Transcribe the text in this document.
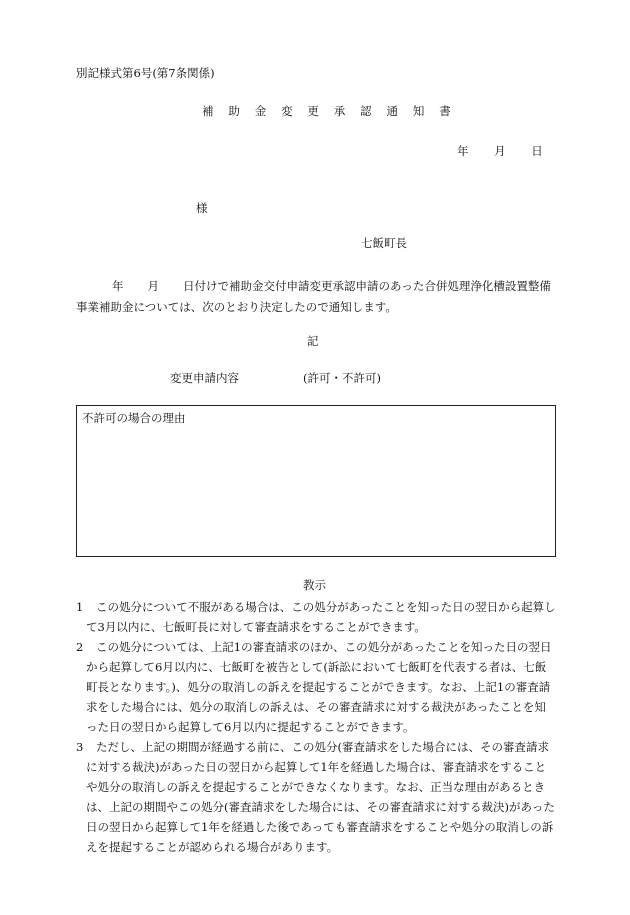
別記様式第6号(第7条関係)
補 助 金 変 更 承 認 通 知 書
年 月 日
様
七飯町長
年 月 日付けで補助金交付申請変更承認申請のあった合併処理浄化槽設置整備事業補助金については、次のとおり決定したので通知します。
記
変更申請内容	(許可・不許可)
不許可の場合の理由
教示
1	この処分について不服がある場合は、この処分があったことを知った日の翌日から起算して3月以内に、七飯町長に対して審査請求をすることができます。
2	この処分については、上記1の審査請求のほか、この処分があったことを知った日の翌日から起算して6月以内に、七飯町を被告として(訴訟において七飯町を代表する者は、七飯町長となります。)、処分の取消しの訴えを提起することができます。なお、上記1の審査請求をした場合には、処分の取消しの訴えは、その審査請求に対する裁決があったことを知った日の翌日から起算して6月以内に提起することができます。
3	ただし、上記の期間が経過する前に、この処分(審査請求をした場合には、その審査請求に対する裁決)があった日の翌日から起算して1年を経過した場合は、審査請求をすることや処分の取消しの訴えを提起することができなくなります。なお、正当な理由があるときは、上記の期間やこの処分(審査請求をした場合には、その審査請求に対する裁決)があった日の翌日から起算して1年を経過した後であっても審査請求をすることや処分の取消しの訴えを提起することが認められる場合があります。
